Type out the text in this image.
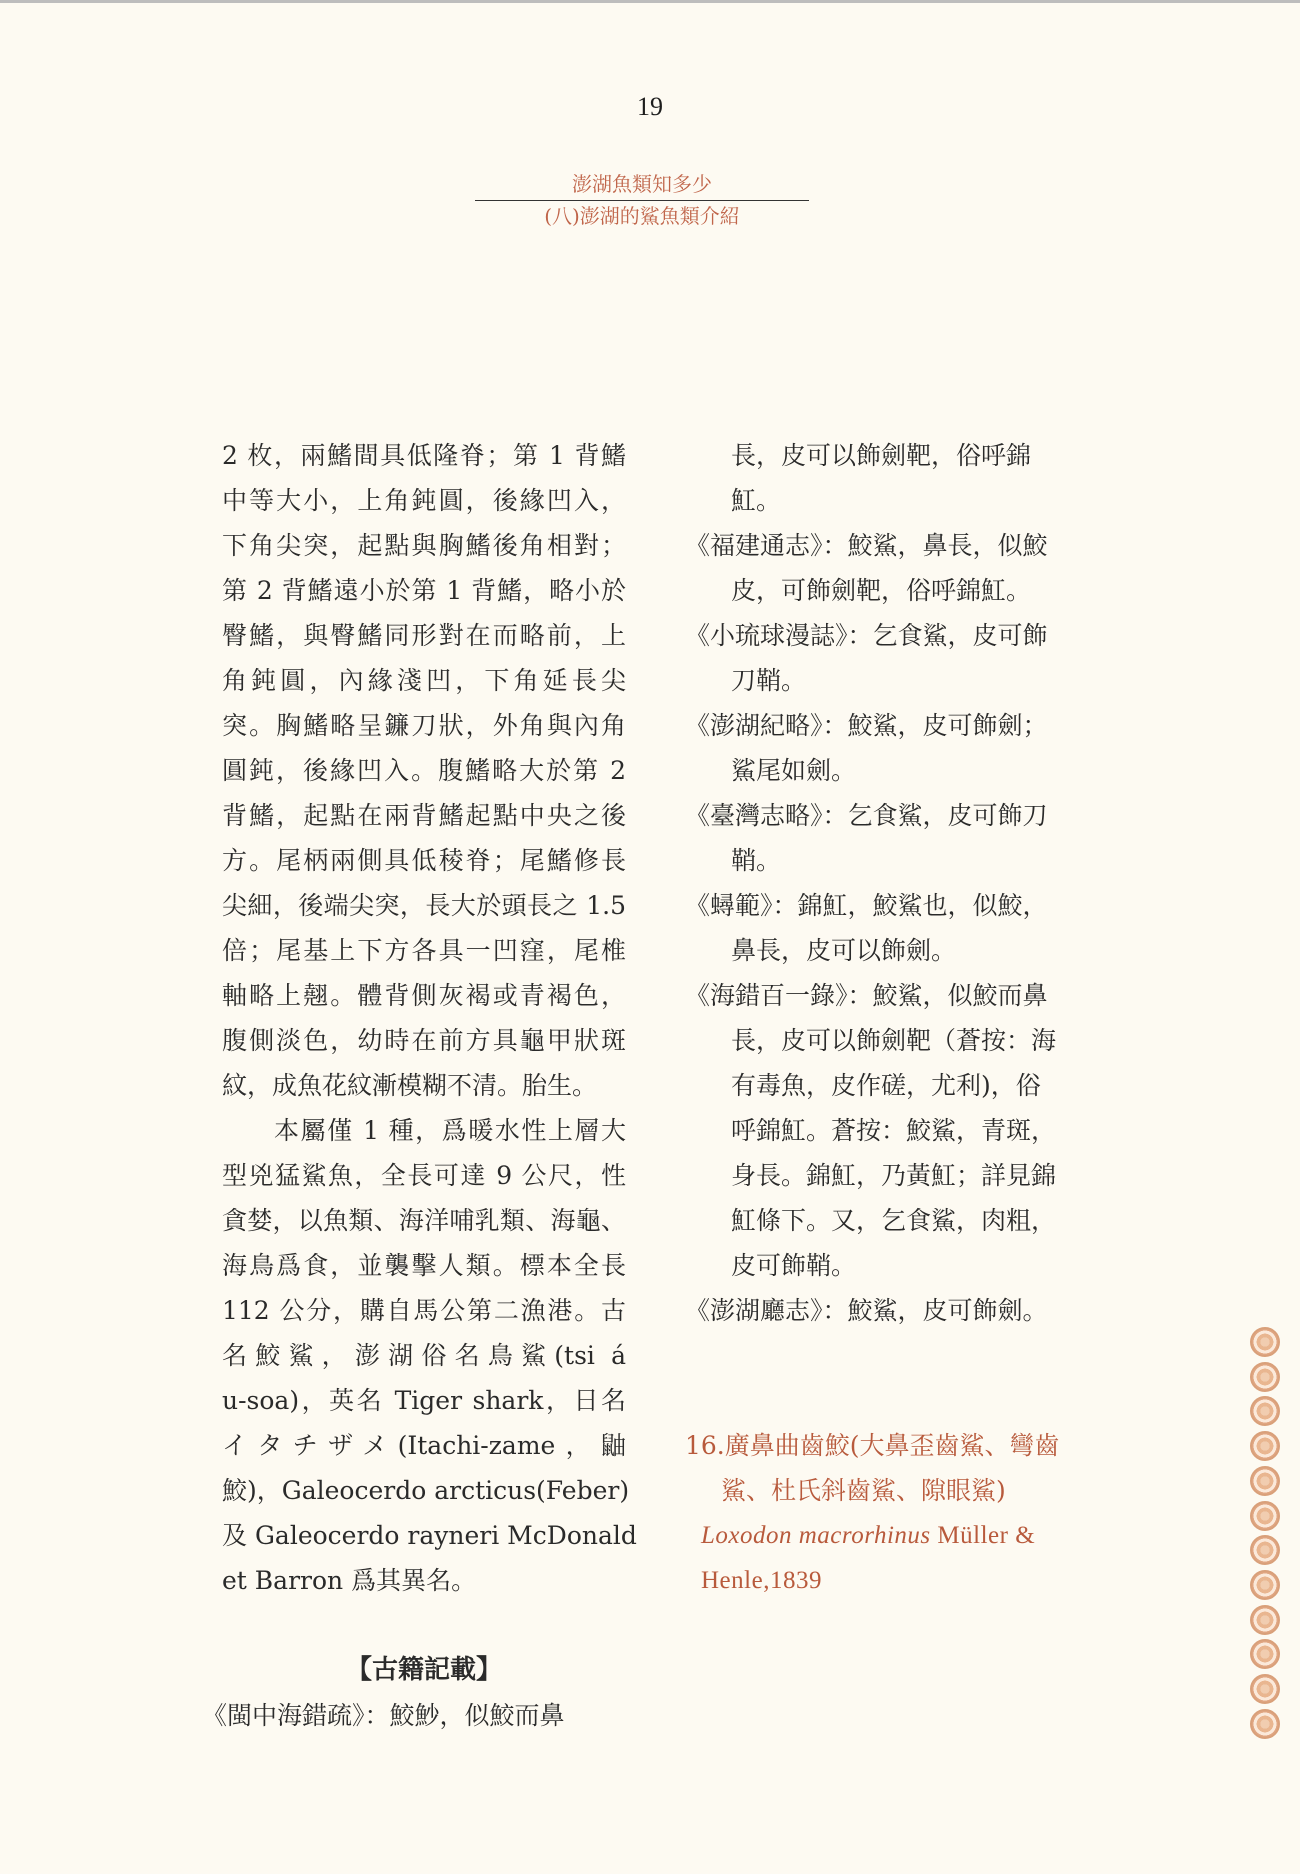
19
澎湖魚類知多少
(八)澎湖的鯊魚類介紹
2 枚，兩鰭間具低隆脊；第 1 背鰭
中等大小，上角鈍圓，後緣凹入，
下角尖突，起點與胸鰭後角相對；
第 2 背鰭遠小於第 1 背鰭，略小於
臀鰭，與臀鰭同形對在而略前，上
角鈍圓，內緣淺凹，下角延長尖
突。胸鰭略呈鐮刀狀，外角與內角
圓鈍，後緣凹入。腹鰭略大於第 2
背鰭，起點在兩背鰭起點中央之後
方。尾柄兩側具低稜脊；尾鰭修長
尖細，後端尖突，長大於頭長之 1.5
倍；尾基上下方各具一凹窪，尾椎
軸略上翹。體背側灰褐或青褐色，
腹側淡色，幼時在前方具龜甲狀斑
紋，成魚花紋漸模糊不清。胎生。
本屬僅 1 種，爲暖水性上層大
型兇猛鯊魚，全長可達 9 公尺，性
貪婪，以魚類、海洋哺乳類、海龜、
海鳥爲食，並襲擊人類。標本全長
112 公分，購自馬公第二漁港。古
名鮫鯊，澎湖俗名鳥鯊(tsi á
u-soa)，英名 Tiger shark，日名
イタチザメ(Itachi-zame，鼬
鮫)，Galeocerdo arcticus(Feber)
及 Galeocerdo rayneri McDonald
et Barron 爲其異名。
【古籍記載】
《閩中海錯疏》：鮫魦，似鮫而鼻
長，皮可以飾劍靶，俗呼錦
魟。
《福建通志》：鮫鯊，鼻長，似鮫
皮，可飾劍靶，俗呼錦魟。
《小琉球漫誌》：乞食鯊，皮可飾
刀鞘。
《澎湖紀略》：鮫鯊，皮可飾劍；
鯊尾如劍。
《臺灣志略》：乞食鯊，皮可飾刀
鞘。
《蟳範》：錦魟，鮫鯊也，似鮫，
鼻長，皮可以飾劍。
《海錯百一錄》：鮫鯊，似鮫而鼻
長，皮可以飾劍靶（蒼按：海
有毒魚，皮作磋，尤利)，俗
呼錦魟。蒼按：鮫鯊，青斑，
身長。錦魟，乃黃魟；詳見錦
魟條下。又，乞食鯊，肉粗，
皮可飾鞘。
《澎湖廳志》：鮫鯊，皮可飾劍。
16.廣鼻曲齒鮫(大鼻歪齒鯊、彎齒
鯊、杜氏斜齒鯊、隙眼鯊)
Loxodon macrorhinus Müller &
Henle,1839
